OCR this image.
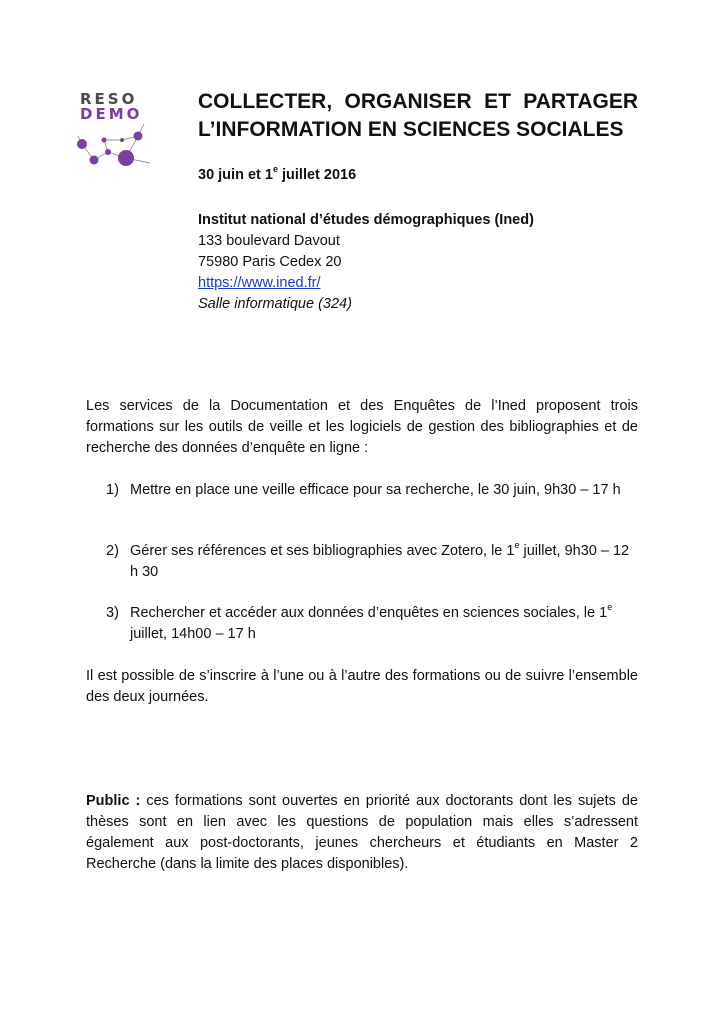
RESO
DEMO
COLLECTER, ORGANISER ET PARTAGER
L’INFORMATION EN SCIENCES SOCIALES
30 juin et 1e juillet 2016
Institut national d’études démographiques (Ined)
133 boulevard Davout
75980 Paris Cedex 20
https://www.ined.fr/
Salle informatique (324)
Les services de la Documentation et des Enquêtes de l’Ined proposent trois formations sur les outils de veille et les logiciels de gestion des bibliographies et de recherche des données d’enquête en ligne :
1) Mettre en place une veille efficace pour sa recherche, le 30 juin, 9h30 – 17 h
2) Gérer ses références et ses bibliographies avec Zotero, le 1e juillet, 9h30 – 12 h 30
3) Rechercher et accéder aux données d’enquêtes en sciences sociales, le 1e juillet, 14h00 – 17 h
Il est possible de s’inscrire à l’une ou à l’autre des formations ou de suivre l’ensemble des deux journées.
Public : ces formations sont ouvertes en priorité aux doctorants dont les sujets de thèses sont en lien avec les questions de population mais elles s’adressent également aux post-doctorants, jeunes chercheurs et étudiants en Master 2 Recherche (dans la limite des places disponibles).
